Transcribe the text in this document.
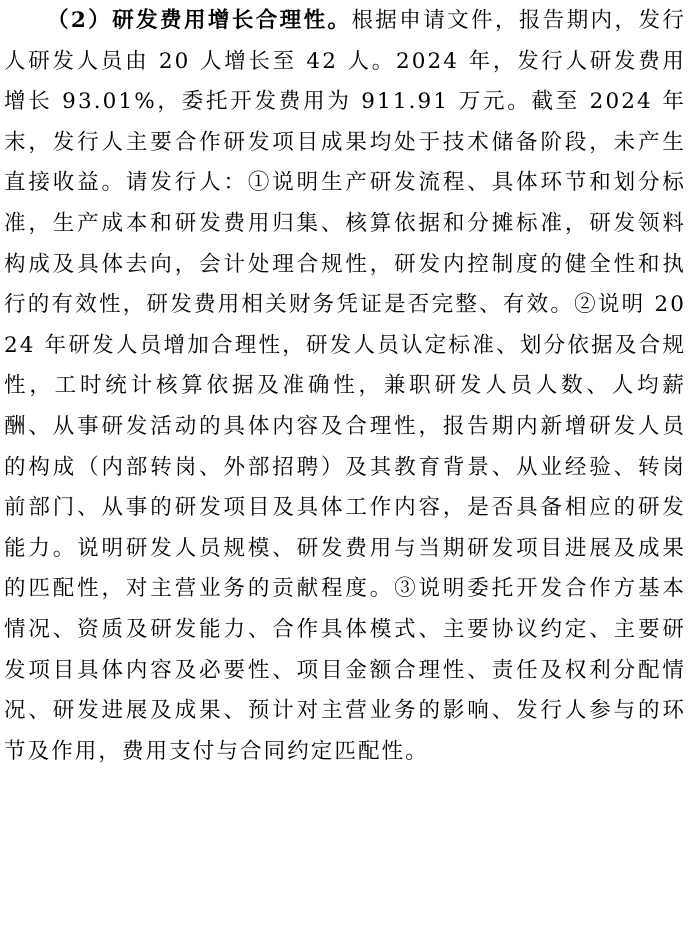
（2）研发费用增长合理性。根据申请文件，报告期内，发行人研发人员由 20 人增长至 42 人。2024 年，发行人研发费用增长 93.01%，委托开发费用为 911.91 万元。截至 2024 年末，发行人主要合作研发项目成果均处于技术储备阶段，未产生直接收益。请发行人：①说明生产研发流程、具体环节和划分标准，生产成本和研发费用归集、核算依据和分摊标准，研发领料构成及具体去向，会计处理合规性，研发内控制度的健全性和执行的有效性，研发费用相关财务凭证是否完整、有效。②说明 2024 年研发人员增加合理性，研发人员认定标准、划分依据及合规性，工时统计核算依据及准确性，兼职研发人员人数、人均薪酬、从事研发活动的具体内容及合理性，报告期内新增研发人员的构成（内部转岗、外部招聘）及其教育背景、从业经验、转岗前部门、从事的研发项目及具体工作内容，是否具备相应的研发能力。说明研发人员规模、研发费用与当期研发项目进展及成果的匹配性，对主营业务的贡献程度。③说明委托开发合作方基本情况、资质及研发能力、合作具体模式、主要协议约定、主要研发项目具体内容及必要性、项目金额合理性、责任及权利分配情况、研发进展及成果、预计对主营业务的影响、发行人参与的环节及作用，费用支付与合同约定匹配性。
